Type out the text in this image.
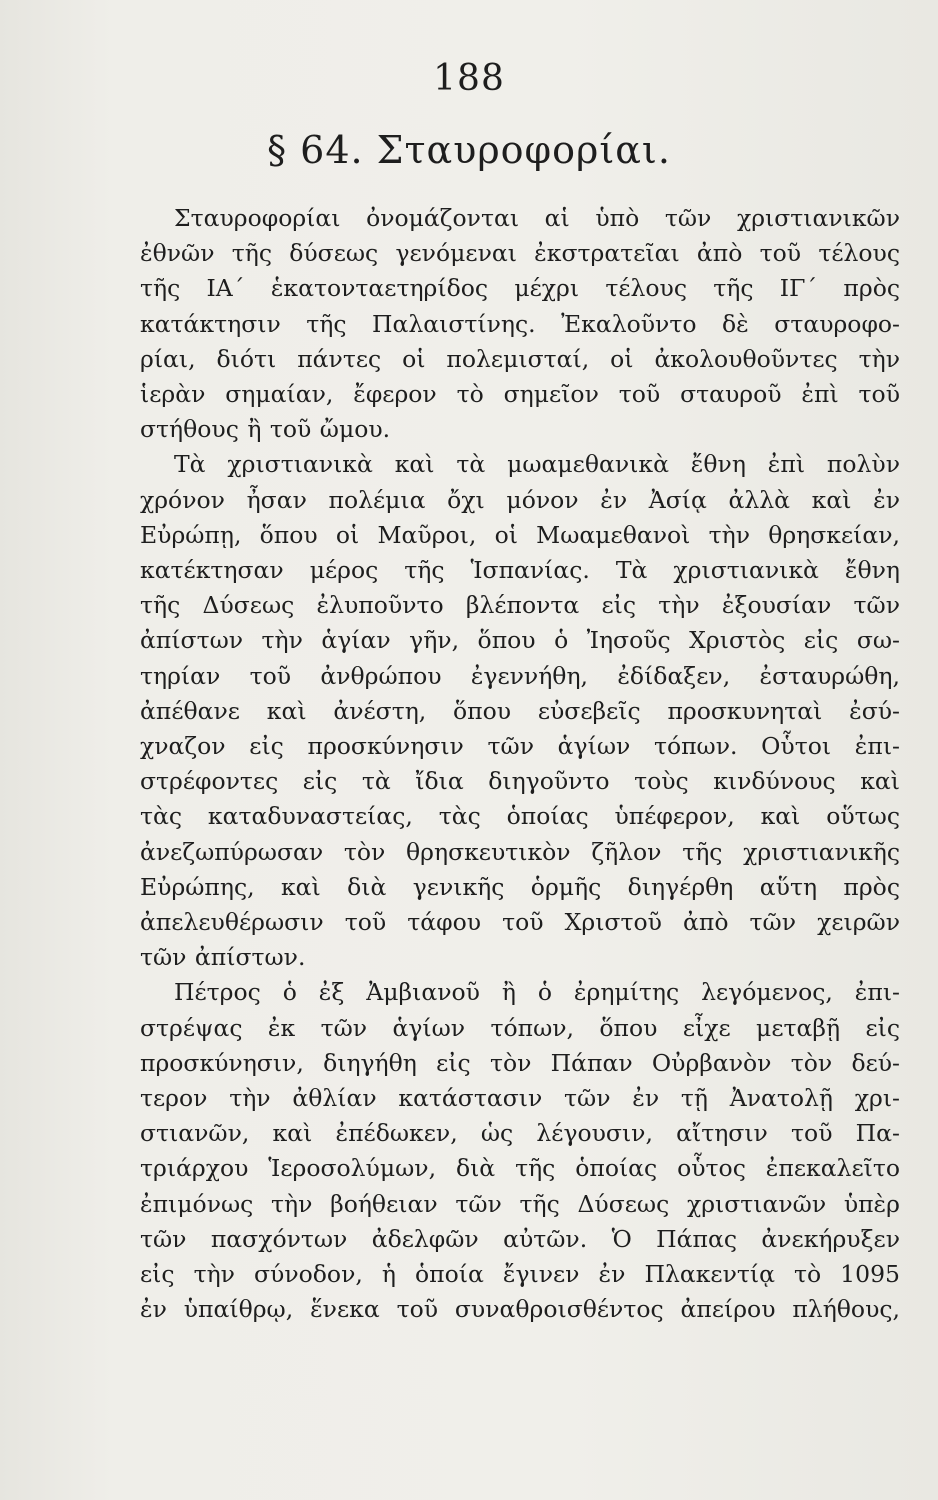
188
§ 64. Σταυροφορίαι.
Σταυροφορίαι ὀνομάζονται αἱ ὑπὸ τῶν χριστιανικῶν
ἐθνῶν τῆς δύσεως γενόμεναι ἐκστρατεῖαι ἀπὸ τοῦ τέλους
τῆς ΙΑ΄ ἑκατονταετηρίδος μέχρι τέλους τῆς ΙΓ΄ πρὸς
κατάκτησιν τῆς Παλαιστίνης. Ἐκαλοῦντο δὲ σταυροφο-
ρίαι, διότι πάντες οἱ πολεμισταί, οἱ ἀκολουθοῦντες τὴν
ἱερὰν σημαίαν, ἔφερον τὸ σημεῖον τοῦ σταυροῦ ἐπὶ τοῦ
στήθους ἢ τοῦ ὤμου.
Τὰ χριστιανικὰ καὶ τὰ μωαμεθανικὰ ἔθνη ἐπὶ πολὺν
χρόνον ἦσαν πολέμια ὄχι μόνον ἐν Ἀσίᾳ ἀλλὰ καὶ ἐν
Εὐρώπῃ, ὅπου οἱ Μαῦροι, οἱ Μωαμεθανοὶ τὴν θρησκείαν,
κατέκτησαν μέρος τῆς Ἱσπανίας. Τὰ χριστιανικὰ ἔθνη
τῆς Δύσεως ἐλυποῦντο βλέποντα εἰς τὴν ἐξουσίαν τῶν
ἀπίστων τὴν ἁγίαν γῆν, ὅπου ὁ Ἰησοῦς Χριστὸς εἰς σω-
τηρίαν τοῦ ἀνθρώπου ἐγεννήθη, ἐδίδαξεν, ἐσταυρώθη,
ἀπέθανε καὶ ἀνέστη, ὅπου εὐσεβεῖς προσκυνηταὶ ἐσύ-
χναζον εἰς προσκύνησιν τῶν ἁγίων τόπων. Οὗτοι ἐπι-
στρέφοντες εἰς τὰ ἴδια διηγοῦντο τοὺς κινδύνους καὶ
τὰς καταδυναστείας, τὰς ὁποίας ὑπέφερον, καὶ οὕτως
ἀνεζωπύρωσαν τὸν θρησκευτικὸν ζῆλον τῆς χριστιανικῆς
Εὐρώπης, καὶ διὰ γενικῆς ὁρμῆς διηγέρθη αὕτη πρὸς
ἀπελευθέρωσιν τοῦ τάφου τοῦ Χριστοῦ ἀπὸ τῶν χειρῶν
τῶν ἀπίστων.
Πέτρος ὁ ἐξ Ἀμβιανοῦ ἢ ὁ ἐρημίτης λεγόμενος, ἐπι-
στρέψας ἐκ τῶν ἁγίων τόπων, ὅπου εἶχε μεταβῇ εἰς
προσκύνησιν, διηγήθη εἰς τὸν Πάπαν Οὐρβανὸν τὸν δεύ-
τερον τὴν ἀθλίαν κατάστασιν τῶν ἐν τῇ Ἀνατολῇ χρι-
στιανῶν, καὶ ἐπέδωκεν, ὡς λέγουσιν, αἴτησιν τοῦ Πα-
τριάρχου Ἱεροσολύμων, διὰ τῆς ὁποίας οὗτος ἐπεκαλεῖτο
ἐπιμόνως τὴν βοήθειαν τῶν τῆς Δύσεως χριστιανῶν ὑπὲρ
τῶν πασχόντων ἀδελφῶν αὐτῶν. Ὁ Πάπας ἀνεκήρυξεν
εἰς τὴν σύνοδον, ἡ ὁποία ἔγινεν ἐν Πλακεντίᾳ τὸ 1095
ἐν ὑπαίθρῳ, ἕνεκα τοῦ συναθροισθέντος ἀπείρου πλήθους,
